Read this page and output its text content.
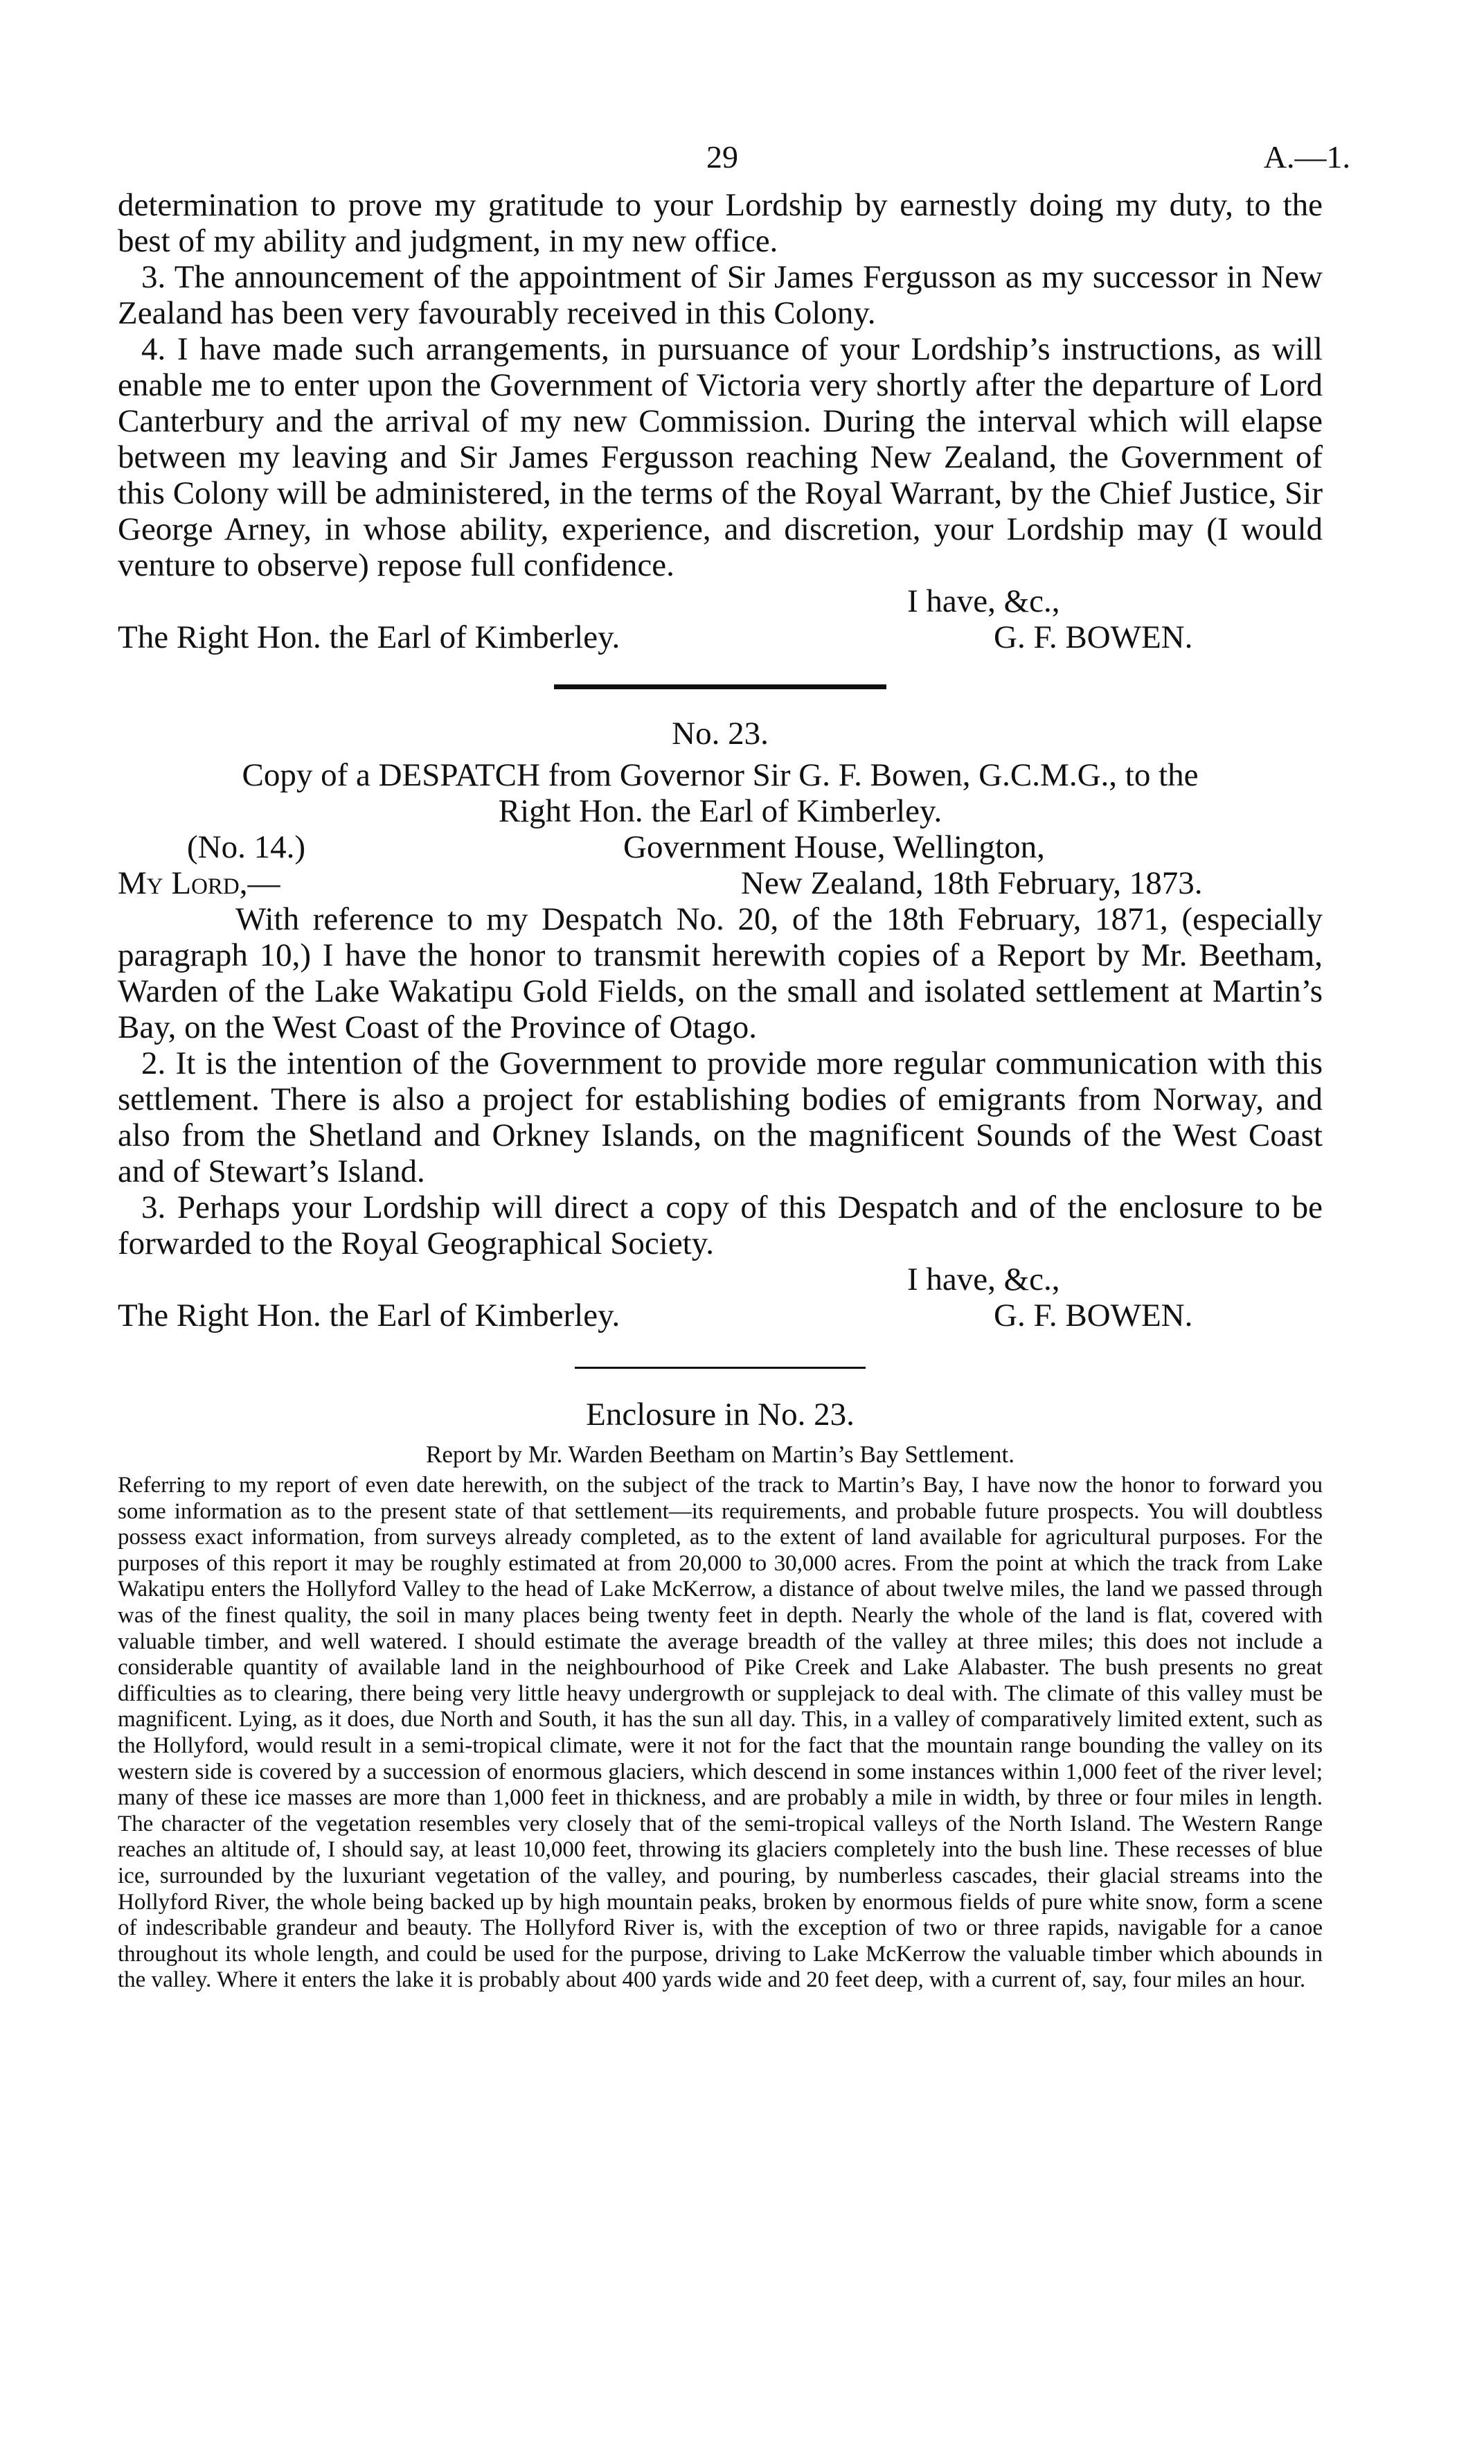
29	A.—1.

determination to prove my gratitude to your Lordship by earnestly doing my duty, to the best of my ability and judgment, in my new office.

3. The announcement of the appointment of Sir James Fergusson as my successor in New Zealand has been very favourably received in this Colony.

4. I have made such arrangements, in pursuance of your Lordship’s instructions, as will enable me to enter upon the Government of Victoria very shortly after the departure of Lord Canterbury and the arrival of my new Commission. During the interval which will elapse between my leaving and Sir James Fergusson reaching New Zealand, the Government of this Colony will be administered, in the terms of the Royal Warrant, by the Chief Justice, Sir George Arney, in whose ability, experience, and discretion, your Lordship may (I would venture to observe) repose full confidence.

I have, &c.,

The Right Hon. the Earl of Kimberley.	G. F. BOWEN.

No. 23.

Copy of a DESPATCH from Governor Sir G. F. Bowen, G.C.M.G., to the

Right Hon. the Earl of Kimberley.

(No. 14.)	Government House, Wellington,
My Lord,—	New Zealand, 18th February, 1873.

With reference to my Despatch No. 20, of the 18th February, 1871, (especially paragraph 10,) I have the honor to transmit herewith copies of a Report by Mr. Beetham, Warden of the Lake Wakatipu Gold Fields, on the small and isolated settlement at Martin’s Bay, on the West Coast of the Province of Otago.

2. It is the intention of the Government to provide more regular communication with this settlement. There is also a project for establishing bodies of emigrants from Norway, and also from the Shetland and Orkney Islands, on the magnificent Sounds of the West Coast and of Stewart’s Island.

3. Perhaps your Lordship will direct a copy of this Despatch and of the enclosure to be forwarded to the Royal Geographical Society.

I have, &c.,

The Right Hon. the Earl of Kimberley.	G. F. BOWEN.

Enclosure in No. 23.

Report by Mr. Warden Beetham on Martin’s Bay Settlement.

Referring to my report of even date herewith, on the subject of the track to Martin’s Bay, I have now the honor to forward you some information as to the present state of that settlement—its requirements, and probable future prospects. You will doubtless possess exact information, from surveys already completed, as to the extent of land available for agricultural purposes. For the purposes of this report it may be roughly estimated at from 20,000 to 30,000 acres. From the point at which the track from Lake Wakatipu enters the Hollyford Valley to the head of Lake McKerrow, a distance of about twelve miles, the land we passed through was of the finest quality, the soil in many places being twenty feet in depth. Nearly the whole of the land is flat, covered with valuable timber, and well watered. I should estimate the average breadth of the valley at three miles; this does not include a considerable quantity of available land in the neighbourhood of Pike Creek and Lake Alabaster. The bush presents no great difficulties as to clearing, there being very little heavy undergrowth or supplejack to deal with. The climate of this valley must be magnificent. Lying, as it does, due North and South, it has the sun all day. This, in a valley of comparatively limited extent, such as the Hollyford, would result in a semi-tropical climate, were it not for the fact that the mountain range bounding the valley on its western side is covered by a succession of enormous glaciers, which descend in some instances within 1,000 feet of the river level; many of these ice masses are more than 1,000 feet in thickness, and are probably a mile in width, by three or four miles in length. The character of the vegetation resembles very closely that of the semi-tropical valleys of the North Island. The Western Range reaches an altitude of, I should say, at least 10,000 feet, throwing its glaciers completely into the bush line. These recesses of blue ice, surrounded by the luxuriant vegetation of the valley, and pouring, by numberless cascades, their glacial streams into the Hollyford River, the whole being backed up by high mountain peaks, broken by enormous fields of pure white snow, form a scene of indescribable grandeur and beauty. The Hollyford River is, with the exception of two or three rapids, navigable for a canoe throughout its whole length, and could be used for the purpose, driving to Lake McKerrow the valuable timber which abounds in the valley. Where it enters the lake it is probably about 400 yards wide and 20 feet deep, with a current of, say, four miles an hour.
